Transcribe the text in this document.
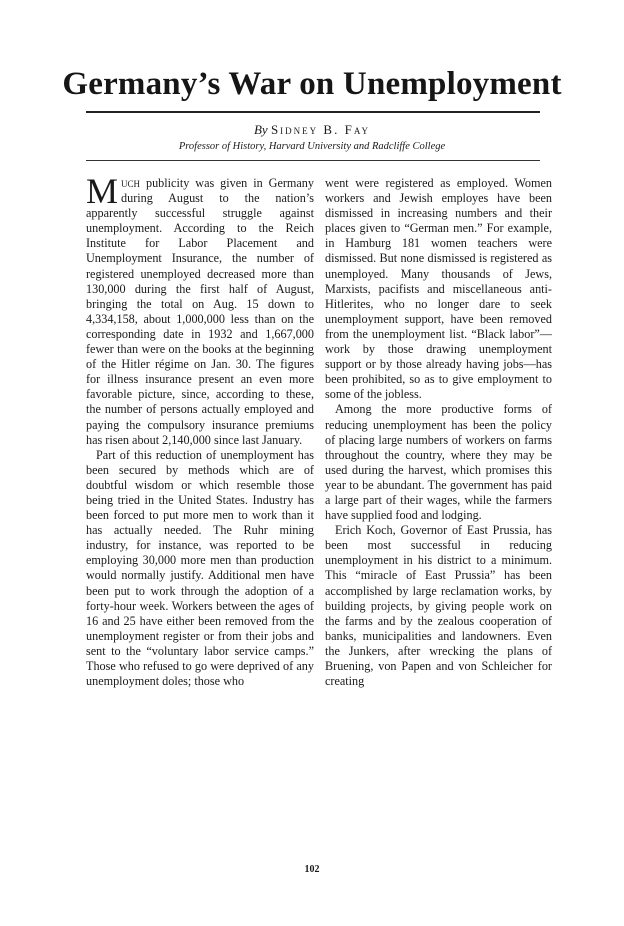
Germany’s War on Unemployment
By Sidney B. Fay
Professor of History, Harvard University and Radcliffe College

Much publicity was given in Germany during August to the nation’s apparently successful struggle against unemployment. According to the Reich Institute for Labor Placement and Unemployment Insurance, the number of registered unemployed decreased more than 130,000 during the first half of August, bringing the total on Aug. 15 down to 4,334,158, about 1,000,000 less than on the corresponding date in 1932 and 1,667,000 fewer than were on the books at the beginning of the Hitler régime on Jan. 30. The figures for illness insurance present an even more favorable picture, since, according to these, the number of persons actually employed and paying the compulsory insurance premiums has risen about 2,140,000 since last January.

Part of this reduction of unemployment has been secured by methods which are of doubtful wisdom or which resemble those being tried in the United States. Industry has been forced to put more men to work than it has actually needed. The Ruhr mining industry, for instance, was reported to be employing 30,000 more men than production would normally justify. Additional men have been put to work through the adoption of a forty-hour week. Workers between the ages of 16 and 25 have either been removed from the unemployment register or from their jobs and sent to the “voluntary labor service camps.” Those who refused to go were deprived of any unemployment doles; those who

went were registered as employed. Women workers and Jewish employes have been dismissed in increasing numbers and their places given to “German men.” For example, in Hamburg 181 women teachers were dismissed. But none dismissed is registered as unemployed. Many thousands of Jews, Marxists, pacifists and miscellaneous anti-Hitlerites, who no longer dare to seek unemployment support, have been removed from the unemployment list. “Black labor”—work by those drawing unemployment support or by those already having jobs—has been prohibited, so as to give employment to some of the jobless.

Among the more productive forms of reducing unemployment has been the policy of placing large numbers of workers on farms throughout the country, where they may be used during the harvest, which promises this year to be abundant. The government has paid a large part of their wages, while the farmers have supplied food and lodging.

Erich Koch, Governor of East Prussia, has been most successful in reducing unemployment in his district to a minimum. This “miracle of East Prussia” has been accomplished by large reclamation works, by building projects, by giving people work on the farms and by the zealous cooperation of banks, municipalities and landowners. Even the Junkers, after wrecking the plans of Bruening, von Papen and von Schleicher for creating

102
